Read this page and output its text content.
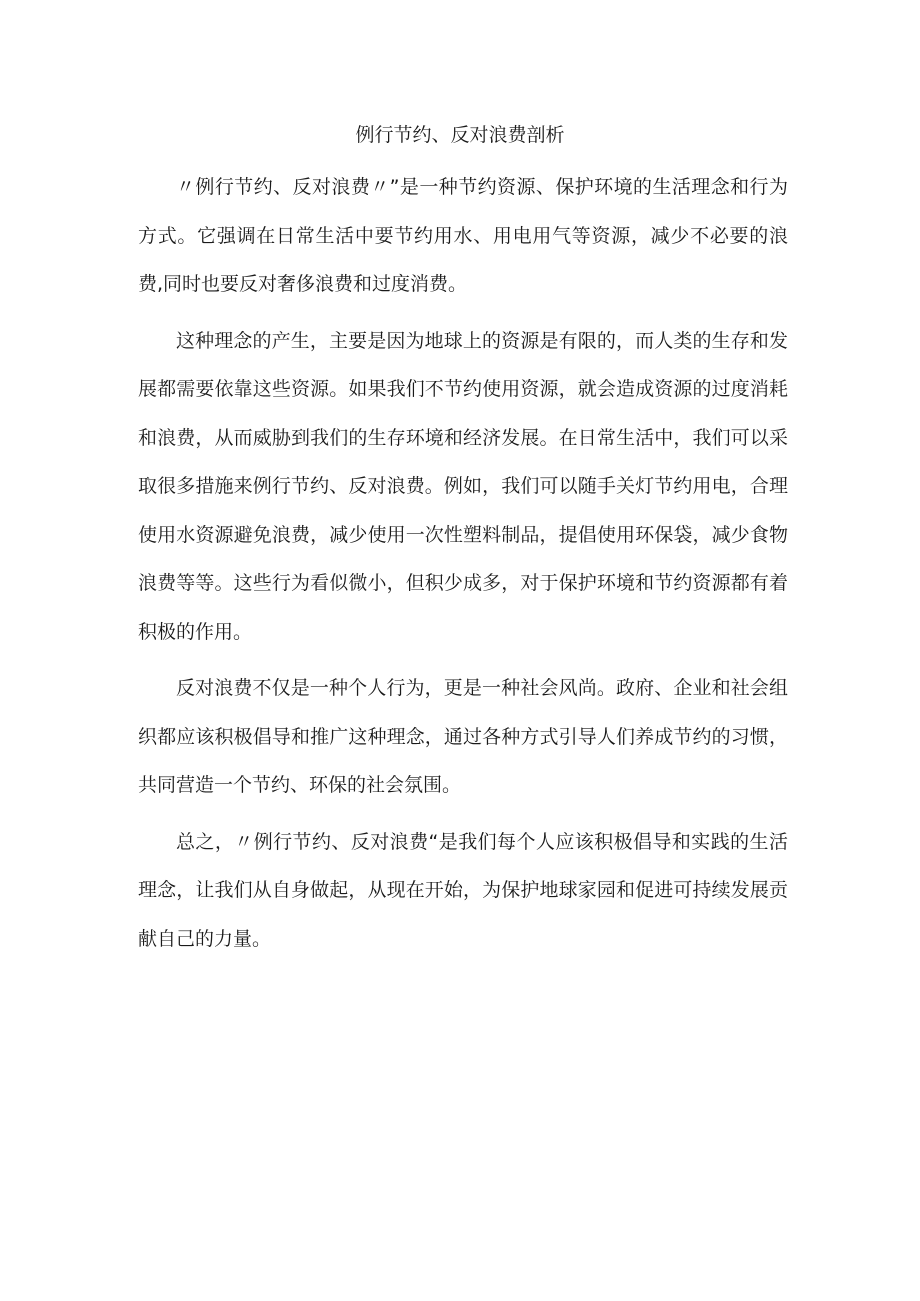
例行节约、反对浪费剖析

〃例行节约、反对浪费〃”是一种节约资源、保护环境的生活理念和行为方式。它强调在日常生活中要节约用水、用电用气等资源，减少不必要的浪费,同时也要反对奢侈浪费和过度消费。

这种理念的产生，主要是因为地球上的资源是有限的，而人类的生存和发展都需要依靠这些资源。如果我们不节约使用资源，就会造成资源的过度消耗和浪费，从而威胁到我们的生存环境和经济发展。在日常生活中，我们可以采取很多措施来例行节约、反对浪费。例如，我们可以随手关灯节约用电，合理使用水资源避免浪费，减少使用一次性塑料制品，提倡使用环保袋，减少食物浪费等等。这些行为看似微小，但积少成多，对于保护环境和节约资源都有着积极的作用。

反对浪费不仅是一种个人行为，更是一种社会风尚。政府、企业和社会组织都应该积极倡导和推广这种理念，通过各种方式引导人们养成节约的习惯，共同营造一个节约、环保的社会氛围。

总之，〃例行节约、反对浪费“是我们每个人应该积极倡导和实践的生活理念，让我们从自身做起，从现在开始，为保护地球家园和促进可持续发展贡献自己的力量。
